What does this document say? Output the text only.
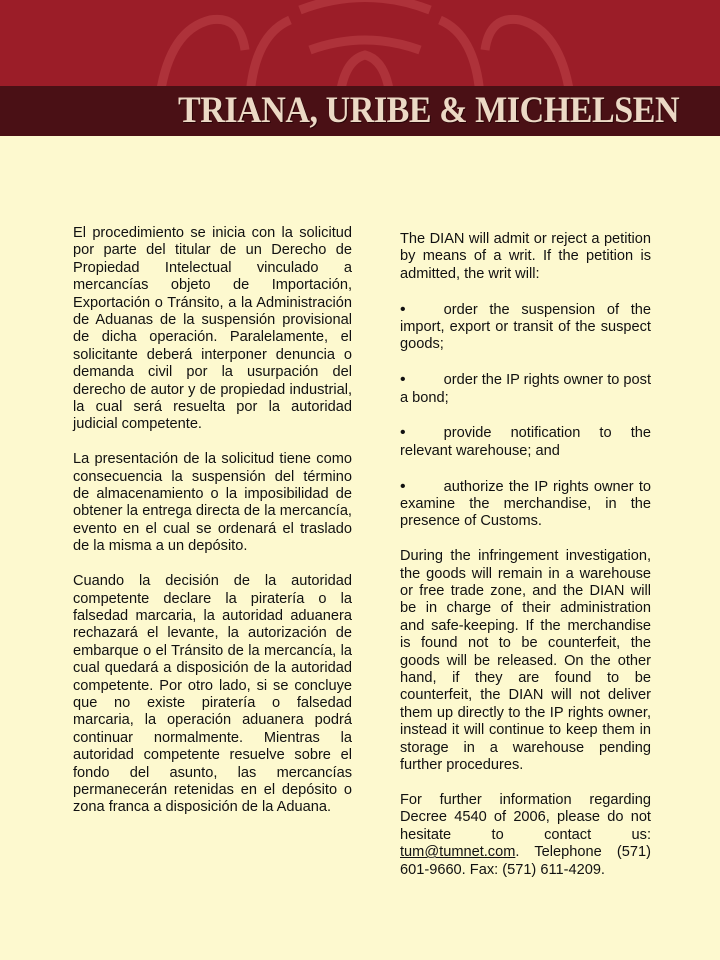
TRIANA, URIBE & MICHELSEN

El procedimiento se inicia con la solicitud por parte del titular de un Derecho de Propiedad Intelectual vinculado a mercancías objeto de Importación, Exportación o Tránsito, a la Administración de Aduanas de la suspensión provisional de dicha operación. Paralelamente, el solicitante deberá interponer denuncia o demanda civil por la usurpación del derecho de autor y de propiedad industrial, la cual será resuelta por la autoridad judicial competente.

La presentación de la solicitud tiene como consecuencia la suspensión del término de almacenamiento o la imposibilidad de obtener la entrega directa de la mercancía, evento en el cual se ordenará el traslado de la misma a un depósito.

Cuando la decisión de la autoridad competente declare la piratería o la falsedad marcaria, la autoridad aduanera rechazará el levante, la autorización de embarque o el Tránsito de la mercancía, la cual quedará a disposición de la autoridad competente. Por otro lado, si se concluye que no existe piratería o falsedad marcaria, la operación aduanera podrá continuar normalmente. Mientras la autoridad competente resuelve sobre el fondo del asunto, las mercancías permanecerán retenidas en el depósito o zona franca a disposición de la Aduana.

The DIAN will admit or reject a petition by means of a writ. If the petition is admitted, the writ will:

•	order the suspension of the import, export or transit of the suspect goods;

•	order the IP rights owner to post a bond;

•	provide notification to the relevant warehouse; and

•	authorize the IP rights owner to examine the merchandise, in the presence of Customs.

During the infringement investigation, the goods will remain in a warehouse or free trade zone, and the DIAN will be in charge of their administration and safe-keeping. If the merchandise is found not to be counterfeit, the goods will be released. On the other hand, if they are found to be counterfeit, the DIAN will not deliver them up directly to the IP rights owner, instead it will continue to keep them in storage in a warehouse pending further procedures.

For further information regarding Decree 4540 of 2006, please do not hesitate to contact us: tum@tumnet.com. Telephone (571) 601-9660. Fax: (571) 611-4209.
